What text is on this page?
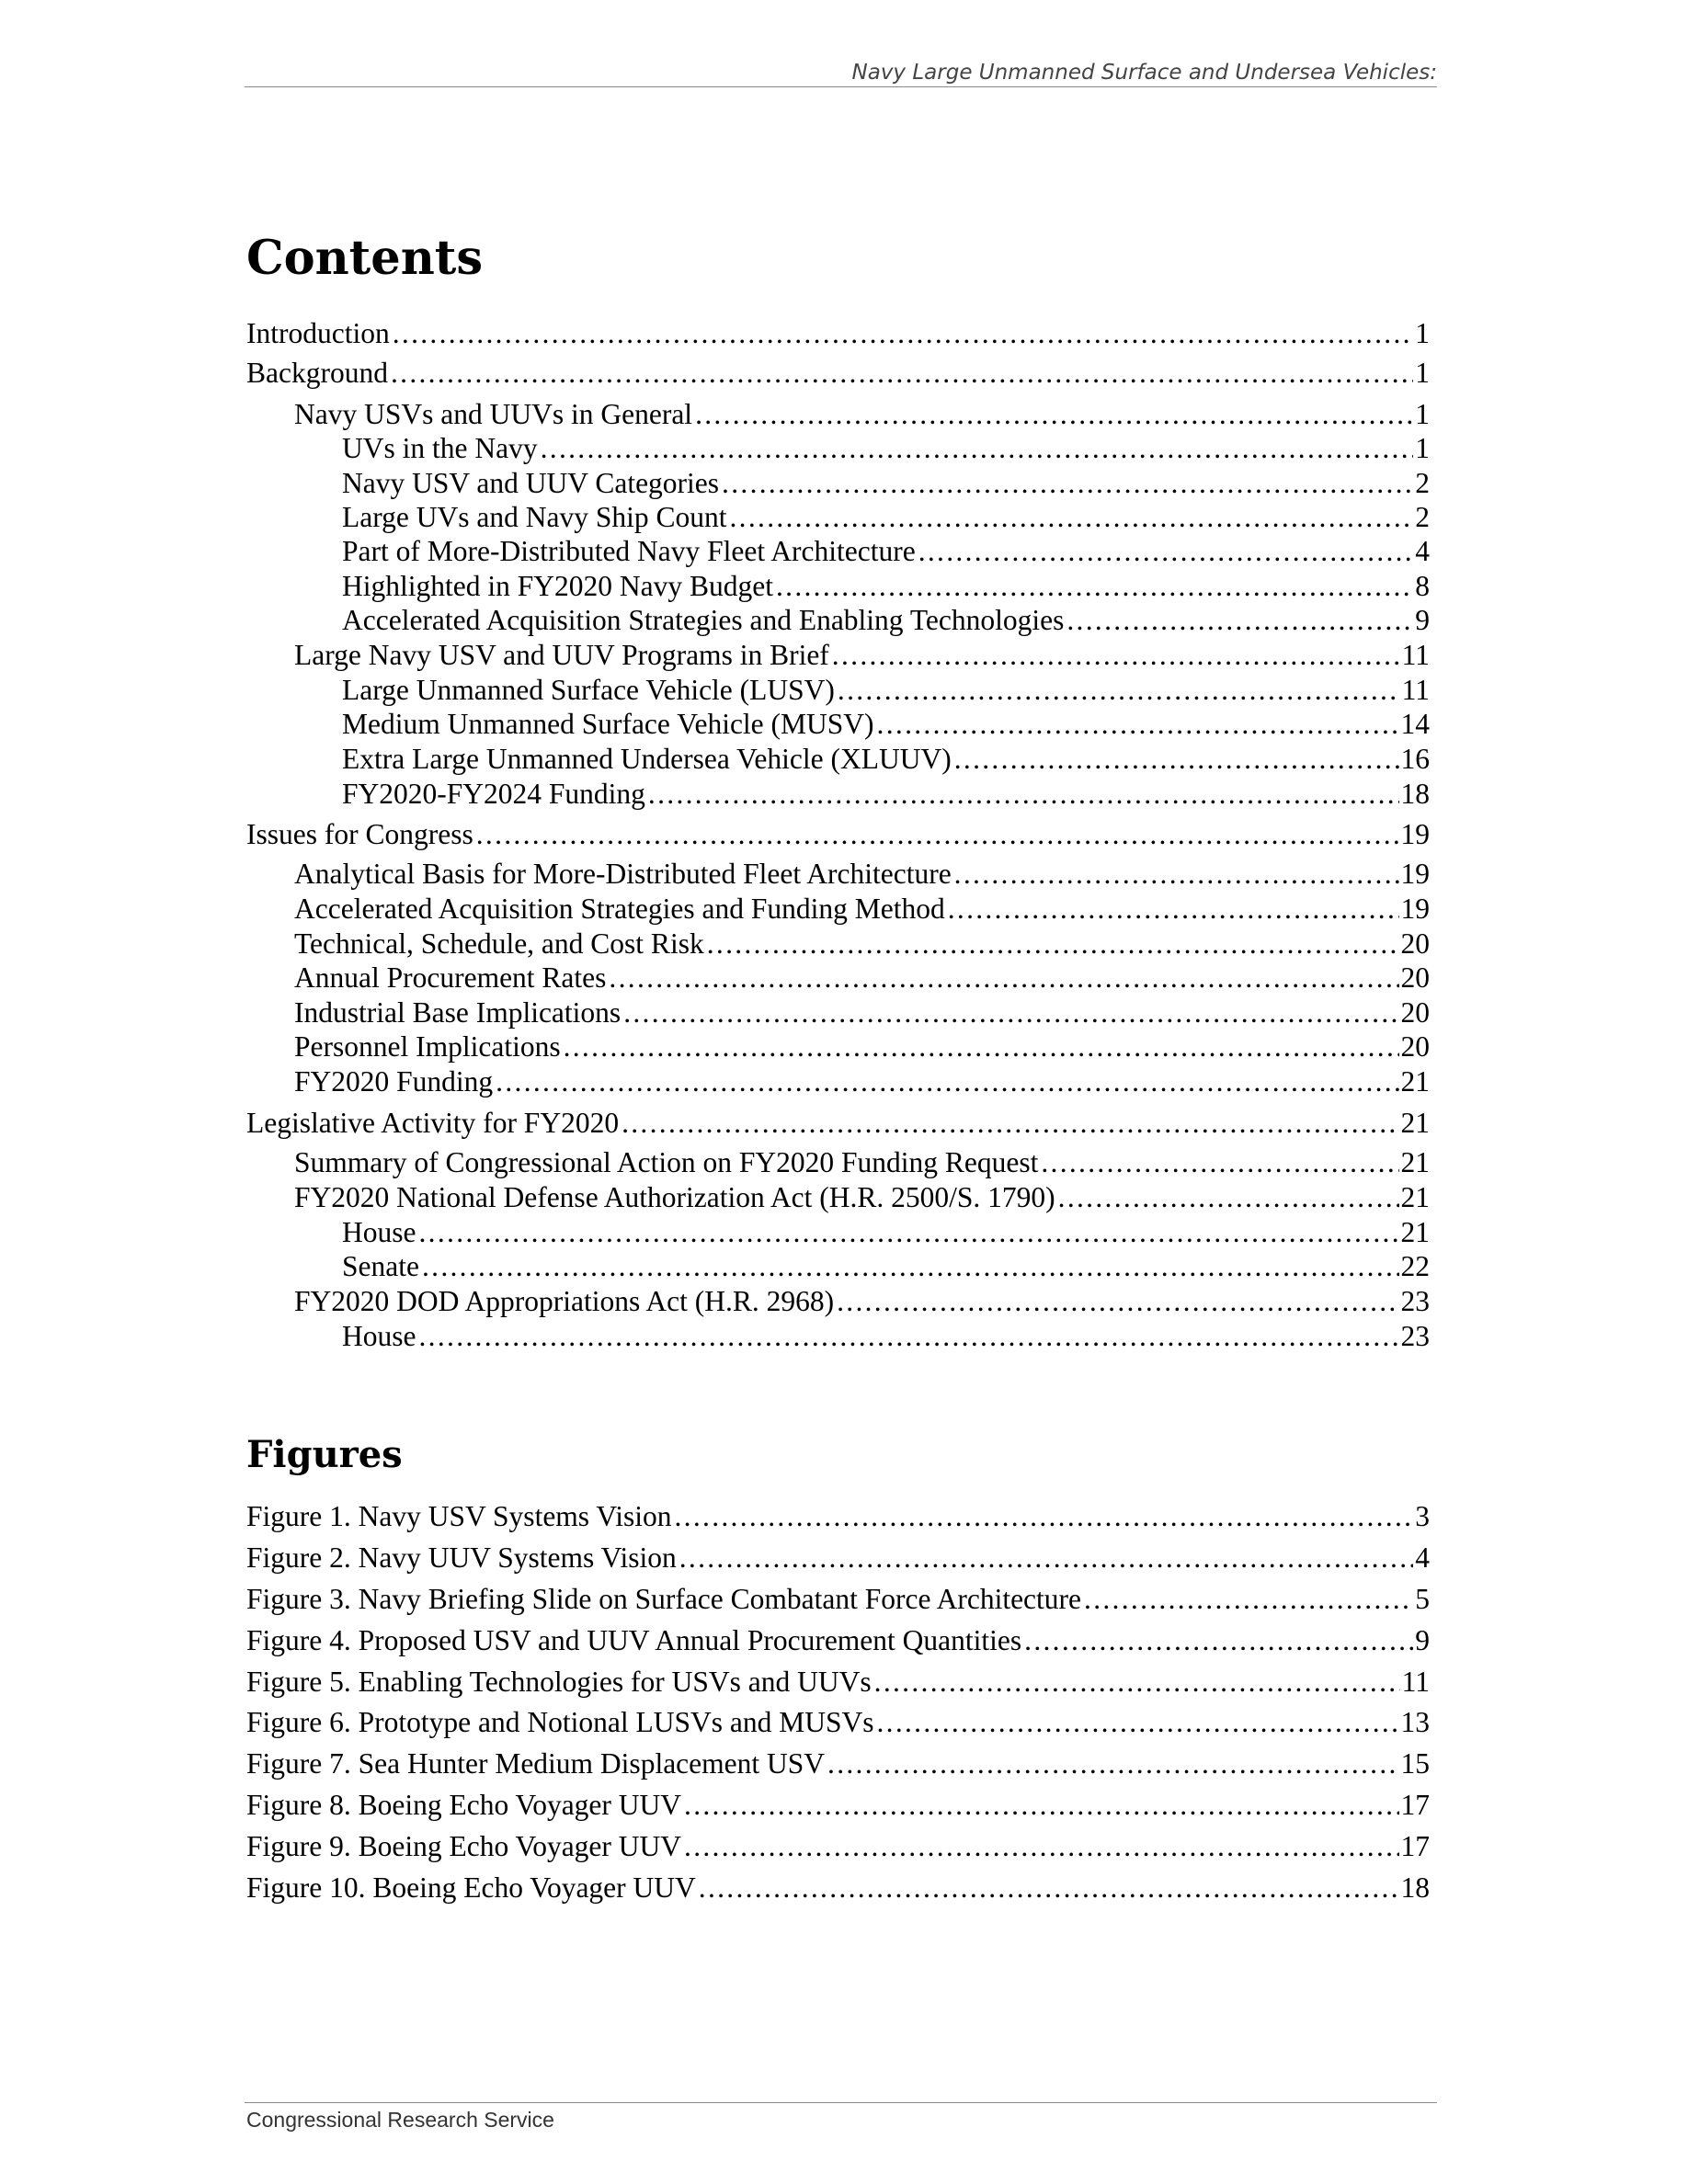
Navy Large Unmanned Surface and Undersea Vehicles:
Contents
Introduction .....	1
Background .....	1
Navy USVs and UUVs in General .....	1
UVs in the Navy .....	1
Navy USV and UUV Categories .....	2
Large UVs and Navy Ship Count .....	2
Part of More-Distributed Navy Fleet Architecture .....	4
Highlighted in FY2020 Navy Budget .....	8
Accelerated Acquisition Strategies and Enabling Technologies .....	9
Large Navy USV and UUV Programs in Brief .....	11
Large Unmanned Surface Vehicle (LUSV) .....	11
Medium Unmanned Surface Vehicle (MUSV) .....	14
Extra Large Unmanned Undersea Vehicle (XLUUV) .....	16
FY2020-FY2024 Funding .....	18
Issues for Congress .....	19
Analytical Basis for More-Distributed Fleet Architecture .....	19
Accelerated Acquisition Strategies and Funding Method .....	19
Technical, Schedule, and Cost Risk .....	20
Annual Procurement Rates .....	20
Industrial Base Implications .....	20
Personnel Implications .....	20
FY2020 Funding .....	21
Legislative Activity for FY2020 .....	21
Summary of Congressional Action on FY2020 Funding Request .....	21
FY2020 National Defense Authorization Act (H.R. 2500/S. 1790) .....	21
House .....	21
Senate .....	22
FY2020 DOD Appropriations Act (H.R. 2968) .....	23
House .....	23
Figures
Figure 1. Navy USV Systems Vision .....	3
Figure 2. Navy UUV Systems Vision .....	4
Figure 3. Navy Briefing Slide on Surface Combatant Force Architecture .....	5
Figure 4. Proposed USV and UUV Annual Procurement Quantities .....	9
Figure 5. Enabling Technologies for USVs and UUVs .....	11
Figure 6. Prototype and Notional LUSVs and MUSVs .....	13
Figure 7. Sea Hunter Medium Displacement USV .....	15
Figure 8. Boeing Echo Voyager UUV .....	17
Figure 9. Boeing Echo Voyager UUV .....	17
Figure 10. Boeing Echo Voyager UUV .....	18
Congressional Research Service
